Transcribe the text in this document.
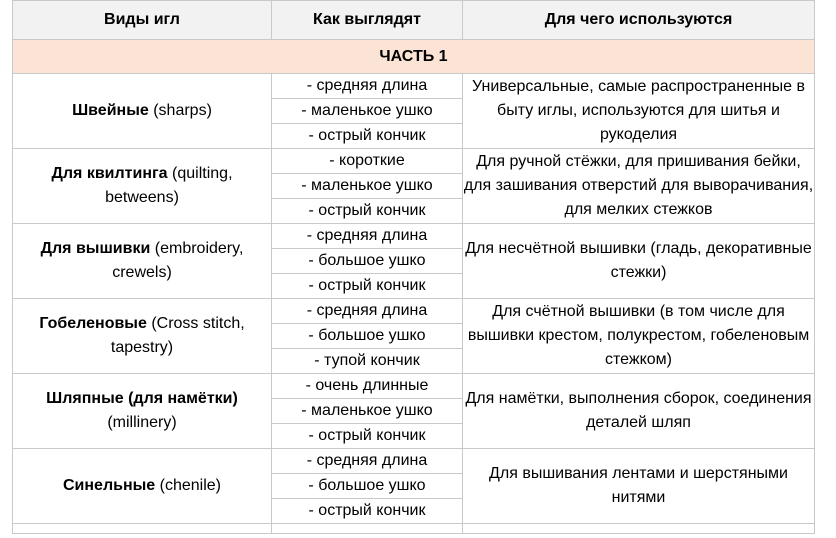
Виды игл	Как выглядят	Для чего используются
ЧАСТЬ 1		
Швейные (sharps)	- средняя длина	Универсальные, самые распространенные в быту иглы, используются для шитья и рукоделия
	- маленькое ушко	
	- острый кончик	
Для квилтинга (quilting, betweens)	- короткие	Для ручной стёжки, для пришивания бейки, для зашивания отверстий для выворачивания, для мелких стежков
	- маленькое ушко	
	- острый кончик	
Для вышивки (embroidery, crewels)	- средняя длина	Для несчётной вышивки (гладь, декоративные стежки)
	- большое ушко	
	- острый кончик	
Гобеленовые (Cross stitch, tapestry)	- средняя длина	Для счётной вышивки (в том числе для вышивки крестом, полукрестом, гобеленовым стежком)
	- большое ушко	
	- тупой кончик	
Шляпные (для намётки) (millinery)	- очень длинные	Для намётки, выполнения сборок, соединения деталей шляп
	- маленькое ушко	
	- острый кончик	
Синельные (chenile)	- средняя длина	Для вышивания лентами и шерстяными нитями
	- большое ушко	
	- острый кончик	
